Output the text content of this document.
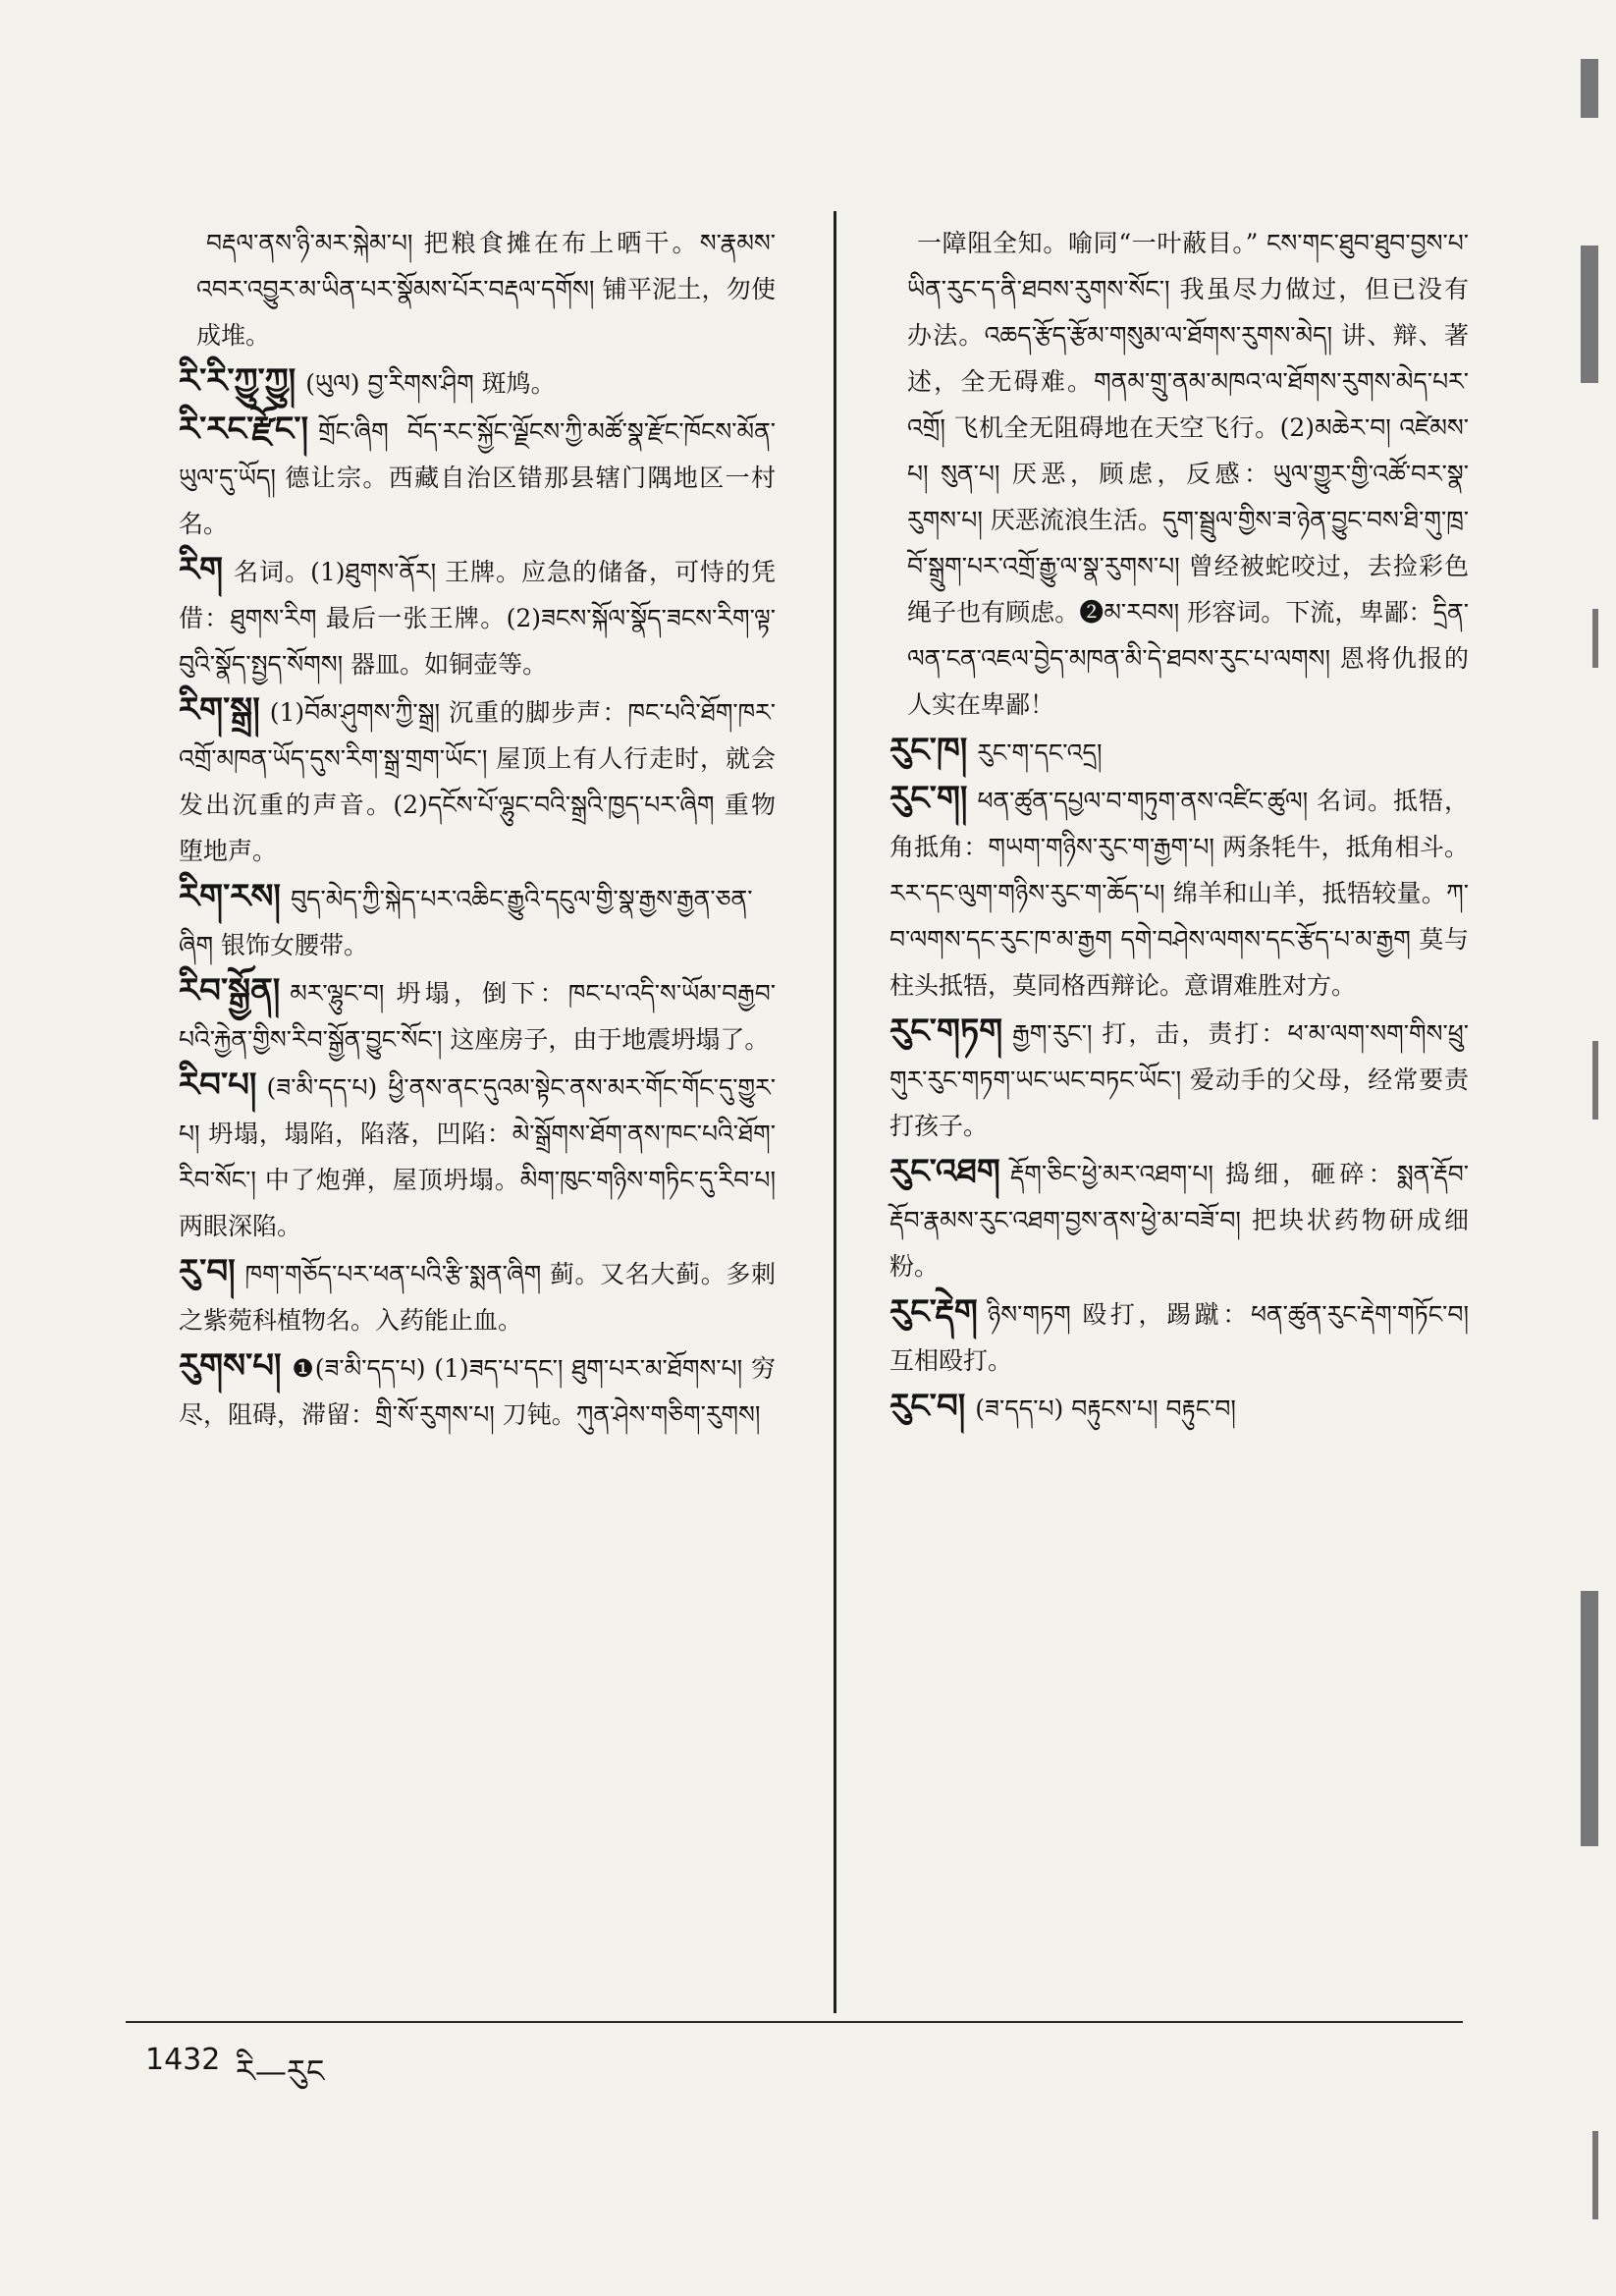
བརྡལ་ནས་ཉི་མར་སྐེམ་པ། 把粮食摊在布上晒干。ས་རྣམས་འབར་འབྱུར་མ་ཡིན་པར་སྣོམས་པོར་བརྡལ་དགོས། 铺平泥土，勿使成堆。

རི་རི་ཀྱུ་ཀྱུ། (ཡུལ) བྱ་རིགས་ཤིག 斑鸠。

རི་རང་རྫོང་། གྲོང་ཞིག བོད་རང་སྐྱོང་ལྗོངས་ཀྱི་མཚོ་སྣ་རྫོང་ཁོངས་མོན་ཡུལ་དུ་ཡོད། 德让宗。西藏自治区错那县辖门隅地区一村名。

རིག 名词。(1)ཐུགས་ནོར། 王牌。应急的储备，可恃的凭借：ཐུགས་རིག 最后一张王牌。(2)ཟངས་སྐོལ་སྣོད་ཟངས་རིག་ལྟ་བུའི་སྣོད་སྤྱད་སོགས། 器皿。如铜壶等。

རིག་སྒྲ། (1)བོམ་ཤུགས་ཀྱི་སྒྲ། 沉重的脚步声：ཁང་པའི་ཐོག་ཁར་འགྲོ་མཁན་ཡོད་དུས་རིག་སྒྲ་གྲག་ཡོང་། 屋顶上有人行走时，就会发出沉重的声音。(2)དངོས་པོ་ལྷུང་བའི་སྒྲའི་ཁྱད་པར་ཞིག 重物堕地声。

རིག་རས། བུད་མེད་ཀྱི་སྐེད་པར་འཆིང་རྒྱུའི་དངུལ་གྱི་སྣ་རྒྱས་རྒྱན་ཅན་ཞིག 银饰女腰带。

རིབ་སྒྱོན། མར་ལྷུང་བ། 坍塌，倒下：ཁང་པ་འདི་ས་ཡོམ་བརྒྱབ་པའི་རྐྱེན་གྱིས་རིབ་སྒྱོན་བྱུང་སོང་། 这座房子，由于地震坍塌了。

རིབ་པ། (ཟ་མི་དད་པ) ཕྱི་ནས་ནང་དུའམ་སྟེང་ནས་མར་གོང་གོང་དུ་གྱུར་པ། 坍塌，塌陷，陷落，凹陷：མེ་སྒྲོགས་ཐོག་ནས་ཁང་པའི་ཐོག་རིབ་སོང་། 中了炮弹，屋顶坍塌。མིག་ཁུང་གཉིས་གཏིང་དུ་རིབ་པ། 两眼深陷。

རུ་བ། ཁག་གཅོད་པར་ཕན་པའི་རྩི་སྨན་ཞིག 蓟。又名大蓟。多刺之紫菀科植物名。入药能止血。

རུགས་པ། ❶(ཟ་མི་དད་པ) (1)ཟད་པ་དང་། ཐུག་པར་མ་ཐོགས་པ། 穷尽，阻碍，滞留：གྲི་སོ་རུགས་པ། 刀钝。ཀུན་ཤེས་གཅིག་རུགས།

一障阻全知。喻同“一叶蔽目。” ངས་གང་ཐུབ་ཐུབ་བྱས་པ་ཡིན་རུང་ད་ནི་ཐབས་རུགས་སོང་། 我虽尽力做过，但已没有办法。འཆད་རྩོད་རྩོམ་གསུམ་ལ་ཐོགས་རུགས་མེད། 讲、辩、著述，全无碍难。གནམ་གྲུ་ནམ་མཁའ་ལ་ཐོགས་རུགས་མེད་པར་འགྲོ། 飞机全无阻碍地在天空飞行。(2)མཆེར་བ། འཛེམས་པ། སུན་པ། 厌恶，顾虑，反感：ཡུལ་གྱུར་གྱི་འཚོ་བར་སྣ་རུགས་པ། 厌恶流浪生活。དུག་སྦྲུལ་གྱིས་ཟ་ཉེན་བྱུང་བས་ཐི་གུ་ཁྲ་བོ་སྒྲུག་པར་འགྲོ་རྒྱུ་ལ་སྣ་རུགས་པ། 曾经被蛇咬过，去捡彩色绳子也有顾虑。❷མ་རབས། 形容词。下流，卑鄙：དྲིན་ལན་ངན་འཇལ་བྱེད་མཁན་མི་དེ་ཐབས་རུང་པ་ལགས། 恩将仇报的人实在卑鄙！

རུང་ཁ། རུང་ག་དང་འདྲ།

རུང་ག། ཕན་ཚུན་དཔྱལ་བ་གཏུག་ནས་འཛིང་ཚུལ། 名词。抵牾，角抵角：གཡག་གཉིས་རུང་ག་རྒྱག་པ། 两条牦牛，抵角相斗。རར་དང་ལུག་གཉིས་རུང་ག་ཆོད་པ། 绵羊和山羊，抵牾较量。ཀ་བ་ལགས་དང་རུང་ཁ་མ་རྒྱག དགེ་བཤེས་ལགས་དང་རྩོད་པ་མ་རྒྱག 莫与柱头抵牾，莫同格西辩论。意谓难胜对方。

རུང་གཏག རྒྱག་རུང་། 打，击，责打：ཕ་མ་ལག་སག་གིས་ཕྲུ་གུར་རུང་གཏག་ཡང་ཡང་བཏང་ཡོང་། 爱动手的父母，经常要责打孩子。

རུང་འཐག རྡོག་ཅིང་ཕྱེ་མར་འཐག་པ། 捣细，砸碎：སྨན་རྡོབ་རྡོབ་རྣམས་རུང་འཐག་བྱས་ནས་ཕྱེ་མ་བཟོ་བ། 把块状药物研成细粉。

རུང་རྡེག ཉིས་གཏག 殴打，踢蹴：ཕན་ཚུན་རུང་རྡེག་གཏོང་བ། 互相殴打。

རུང་བ། (ཟ་དད་པ) བརྟུངས་པ། བརྟུང་བ།

1432 རི—རུང
